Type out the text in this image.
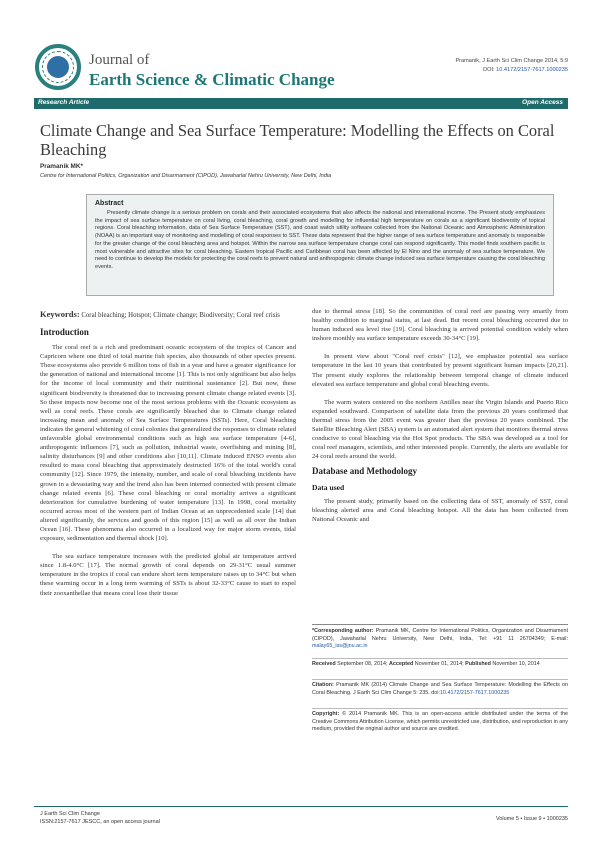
Journal of
Earth Science & Climatic Change
Pramanik, J Earth Sci Clim Change 2014, 5:9
DOI: 10.4172/2157-7617.1000235
Research Article	Open Access
Climate Change and Sea Surface Temperature: Modelling the Effects on Coral Bleaching
Pramanik MK*
Centre for International Politics, Organization and Disarmament (CIPOD), Jawaharlal Nehru University, New Delhi, India
Abstract

Presently climate change is a serious problem on corals and their associated ecosystems that also affects the national and international income. The Present study emphasizes the impact of sea surface temperature on coral living, coral bleaching, coral growth and modelling for influential high temperature on corals as a significant biodiversity of topical regions. Coral bleaching information, data of Sea Surface Temperature (SST), and coast watch utility software collected from the National Oceanic and Atmospheric Administration (NOAA) is an important way of monitoring and modelling of coral responses to SST. These data represent that the higher range of sea surface temperature and anomaly is responsible for the greater change of the coral bleaching area and hotspot. Within the narrow sea surface temperature change coral can respond significantly. This model finds southern pacific is most vulnerable and attractive sites for coral bleaching. Eastern tropical Pacific and Caribbean coral has been affected by El Nino and the anomaly of sea surface temperature. We need to continue to develop the models for protecting the coral reefs to prevent natural and anthropogenic climate change induced sea surface temperature causing the coral bleaching events.

Keywords: Coral bleaching; Hotspot; Climate change; Biodiversity; Coral reef crisis

Introduction

The coral reef is a rich and predominant oceanic ecosystem of the tropics of Cancer and Capricorn where one third of total marine fish species, also thousands of other species present. These ecosystems also provide 6 million tons of fish in a year and have a greater significance for the generation of national and international income [1]. This is not only significant but also helps for the income of local community and their nutritional sustenance [2]. But now, these significant biodiversity is threatened due to increasing present climate change related events [3]. So these impacts now become one of the most serious problems with the Oceanic ecosystem as well as coral reefs. These corals are significantly bleached due to Climate change related increasing mean and anomaly of Sea Surface Temperatures (SSTs). Here, Coral bleaching indicates the general whitening of coral colonies that generalized the responses to climate related unfavorable global environmental conditions such as high sea surface temperature [4-6], anthropogenic influences [7], such as pollution, industrial waste, overfishing and mining [8], salinity disturbances [9] and other conditions also [10,11]. Climate induced ENSO events also resulted to mass coral bleaching that approximately destructed 16% of the total world's coral community [12]. Since 1979, the intensity, number, and scale of coral bleaching incidents have grown in a devastating way and the trend also has been interned connected with present climate change related events [6]. These coral bleaching or coral mortality arrives a significant deterioration for cumulative burdening of water temperature [13]. In 1998, coral mortality occurred across most of the western part of Indian Ocean at an unprecedented scale [14] that altered significantly, the services and goods of this region [15] as well as all over the Indian Ocean [16]. These phenomena also occurred in a localized way for major storm events, tidal exposure, sedimentation and thermal shock [10].

The sea surface temperature increases with the predicted global air temperature arrived since 1.8-4.0°C [17]. The normal growth of coral depends on 29-31°C usual summer temperature in the tropics if coral can endure short term temperature raises up to 34°C but when these warming occur in a long term warming of SSTs is about 32-33°C cause to start to expel their zooxanthellae that means coral lose their tissue

due to thermal stress [18]. So the communities of coral reef are passing very smartly from healthy condition to marginal status, at last dead. But recent coral bleaching occurred due to human induced sea level rise [19]. Coral bleaching is arrived potential condition widely when inshore monthly sea surface temperature exceeds 30-34°C [19].

In present view about "Coral reef crisis" [12], we emphasize potential sea surface temperature in the last 10 years that contributed by present significant human impacts [20,21]. The present study explores the relationship between temporal change of climate induced elevated sea surface temperature and global coral bleaching events.

The warm waters centered on the northern Antilles near the Virgin Islands and Puerto Rico expanded southward. Comparison of satellite data from the previous 20 years confirmed that thermal stress from the 2005 event was greater than the previous 20 years combined. The Satellite Bleaching Alert (SBA) system is an automated alert system that monitors thermal stress conducive to coral bleaching via the Hot Spot products. The SBA was developed as a tool for coral reef managers, scientists, and other interested people. Currently, the alerts are available for 24 coral reefs around the world.

Database and Methodology
Data used

The present study, primarily based on the collecting data of SST, anomaly of SST, coral bleaching alerted area and Coral bleaching hotspot. All the data has been collected from National Oceanic and

*Corresponding author: Pramanik MK, Centre for International Politics, Organization and Disarmament (CIPOD), Jawaharlal Nehru University, New Delhi, India, Tel: +91 11 26704349; E-mail: malay65_iss@jnu.ac.in
Received September 08, 2014; Accepted November 01, 2014; Published November 10, 2014
Citation: Pramanik MK (2014) Climate Change and Sea Surface Temperature: Modelling the Effects on Coral Bleaching. J Earth Sci Clim Change 5: 235. doi:10.4172/2157-7617.1000235
Copyright: © 2014 Pramanik MK. This is an open-access article distributed under the terms of the Creative Commons Attribution License, which permits unrestricted use, distribution, and reproduction in any medium, provided the original author and source are credited.
J Earth Sci Clim Change
ISSN:2157-7617 JESCC, an open access journal	Volume 5 • Issue 9 • 1000235
